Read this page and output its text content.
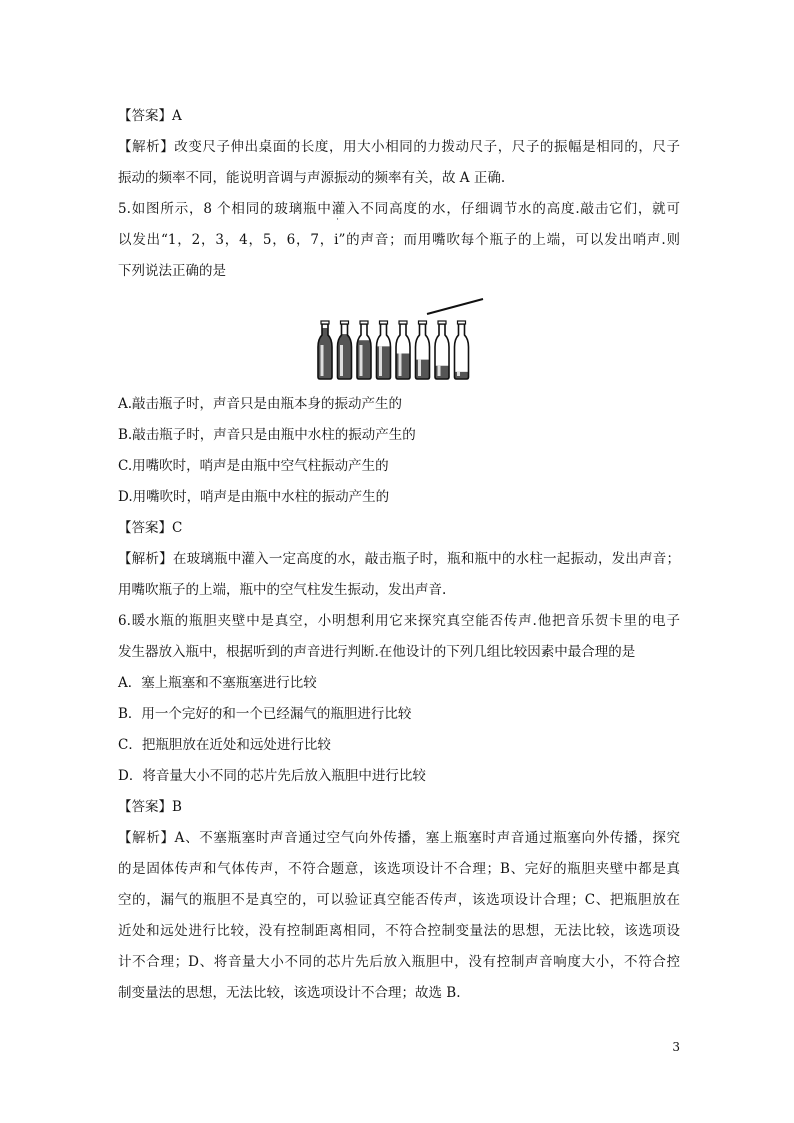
【答案】A
【解析】改变尺子伸出桌面的长度，用大小相同的力拨动尺子，尺子的振幅是相同的，尺子
振动的频率不同，能说明音调与声源振动的频率有关，故 A 正确.
5.如图所示，8 个相同的玻璃瓶中灌入不同高度的水，仔细调节水的高度.敲击它们，就可
以发出“1，2，3，4，5，6，7，
·
i”的声音；而用嘴吹每个瓶子的上端，可以发出哨声.则
下列说法正确的是
A.敲击瓶子时，声音只是由瓶本身的振动产生的
B.敲击瓶子时，声音只是由瓶中水柱的振动产生的
C.用嘴吹时，哨声是由瓶中空气柱振动产生的
D.用嘴吹时，哨声是由瓶中水柱的振动产生的
【答案】C
【解析】在玻璃瓶中灌入一定高度的水，敲击瓶子时，瓶和瓶中的水柱一起振动，发出声音；
用嘴吹瓶子的上端，瓶中的空气柱发生振动，发出声音.
6.暖水瓶的瓶胆夹壁中是真空，小明想利用它来探究真空能否传声.他把音乐贺卡里的电子
发生器放入瓶中，根据听到的声音进行判断.在他设计的下列几组比较因素中最合理的是
A．塞上瓶塞和不塞瓶塞进行比较
B．用一个完好的和一个已经漏气的瓶胆进行比较
C．把瓶胆放在近处和远处进行比较
D．将音量大小不同的芯片先后放入瓶胆中进行比较
【答案】B
【解析】A、不塞瓶塞时声音通过空气向外传播，塞上瓶塞时声音通过瓶塞向外传播，探究
的是固体传声和气体传声，不符合题意，该选项设计不合理；B、完好的瓶胆夹壁中都是真
空的，漏气的瓶胆不是真空的，可以验证真空能否传声，该选项设计合理；C、把瓶胆放在
近处和远处进行比较，没有控制距离相同，不符合控制变量法的思想，无法比较，该选项设
计不合理；D、将音量大小不同的芯片先后放入瓶胆中，没有控制声音响度大小，不符合控
制变量法的思想，无法比较，该选项设计不合理；故选 B.
3
